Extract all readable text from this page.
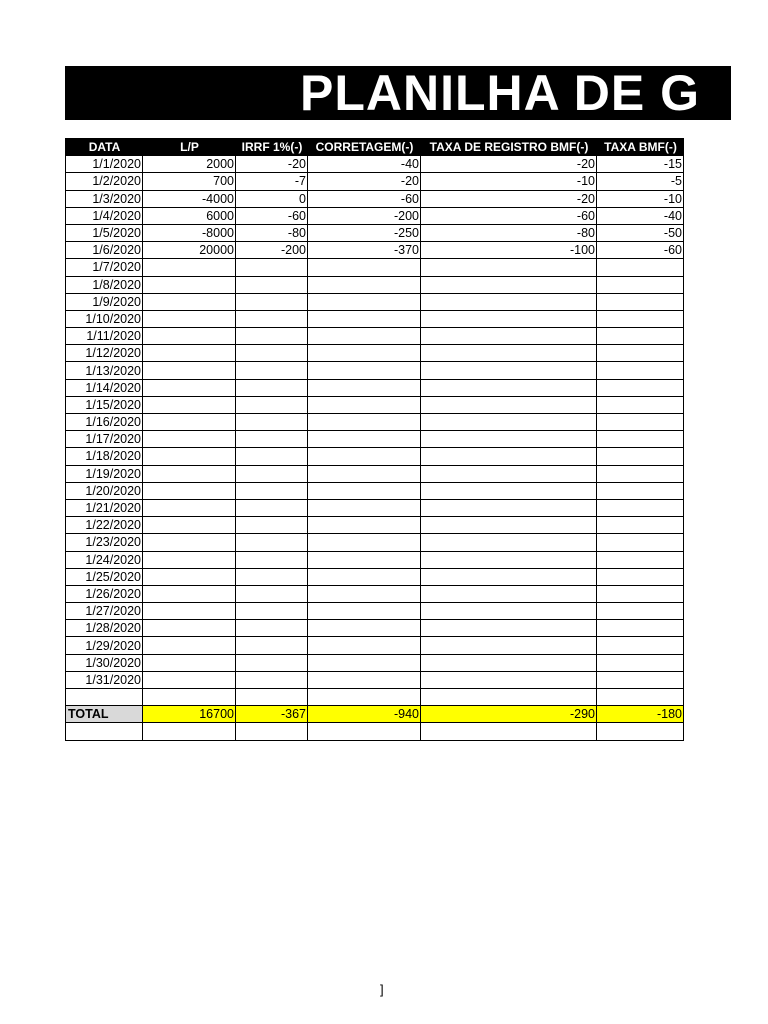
PLANILHA DE G
DATA	L/P	IRRF 1%(-)	CORRETAGEM(-)	TAXA DE REGISTRO BMF(-)	TAXA BMF(-)
1/1/2020	2000	-20	-40	-20	-15
1/2/2020	700	-7	-20	-10	-5
1/3/2020	-4000	0	-60	-20	-10
1/4/2020	6000	-60	-200	-60	-40
1/5/2020	-8000	-80	-250	-80	-50
1/6/2020	20000	-200	-370	-100	-60
1/7/2020					
1/8/2020					
1/9/2020					
1/10/2020					
1/11/2020					
1/12/2020					
1/13/2020					
1/14/2020					
1/15/2020					
1/16/2020					
1/17/2020					
1/18/2020					
1/19/2020					
1/20/2020					
1/21/2020					
1/22/2020					
1/23/2020					
1/24/2020					
1/25/2020					
1/26/2020					
1/27/2020					
1/28/2020					
1/29/2020					
1/30/2020					
1/31/2020					

TOTAL	16700	-367	-940	-290	-180

]
